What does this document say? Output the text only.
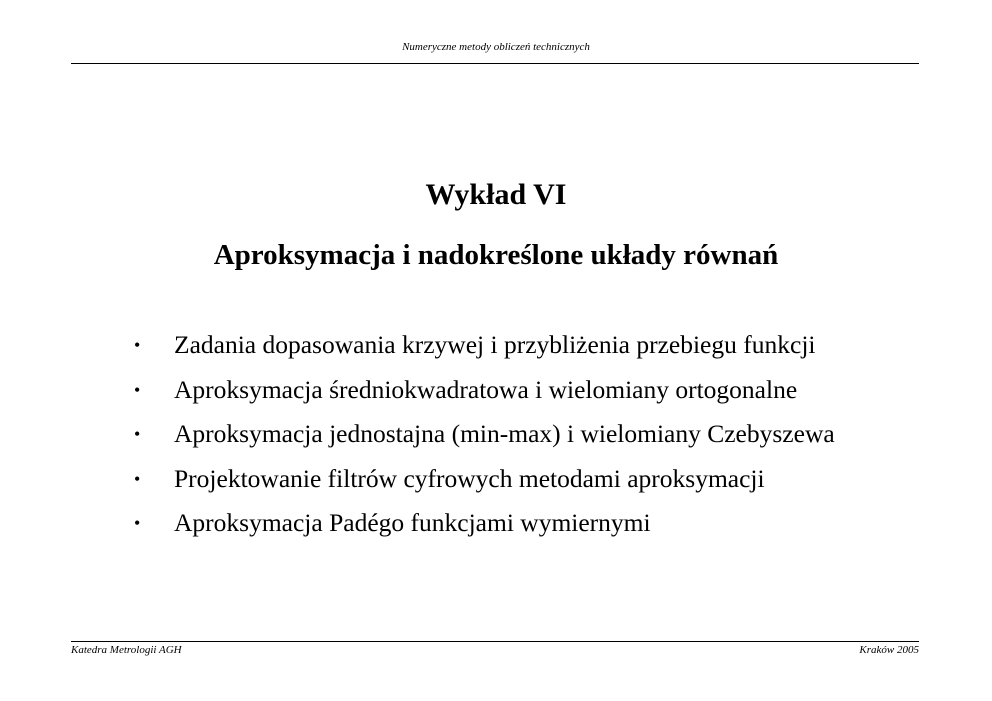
Numeryczne metody obliczeń technicznych
Wykład VI
Aproksymacja i nadokreślone układy równań
•	Zadania dopasowania krzywej i przybliżenia przebiegu funkcji
•	Aproksymacja średniokwadratowa i wielomiany ortogonalne
•	Aproksymacja jednostajna (min-max) i wielomiany Czebyszewa
•	Projektowanie filtrów cyfrowych metodami aproksymacji
•	Aproksymacja Padégo funkcjami wymiernymi
Katedra Metrologii AGH	Kraków 2005
